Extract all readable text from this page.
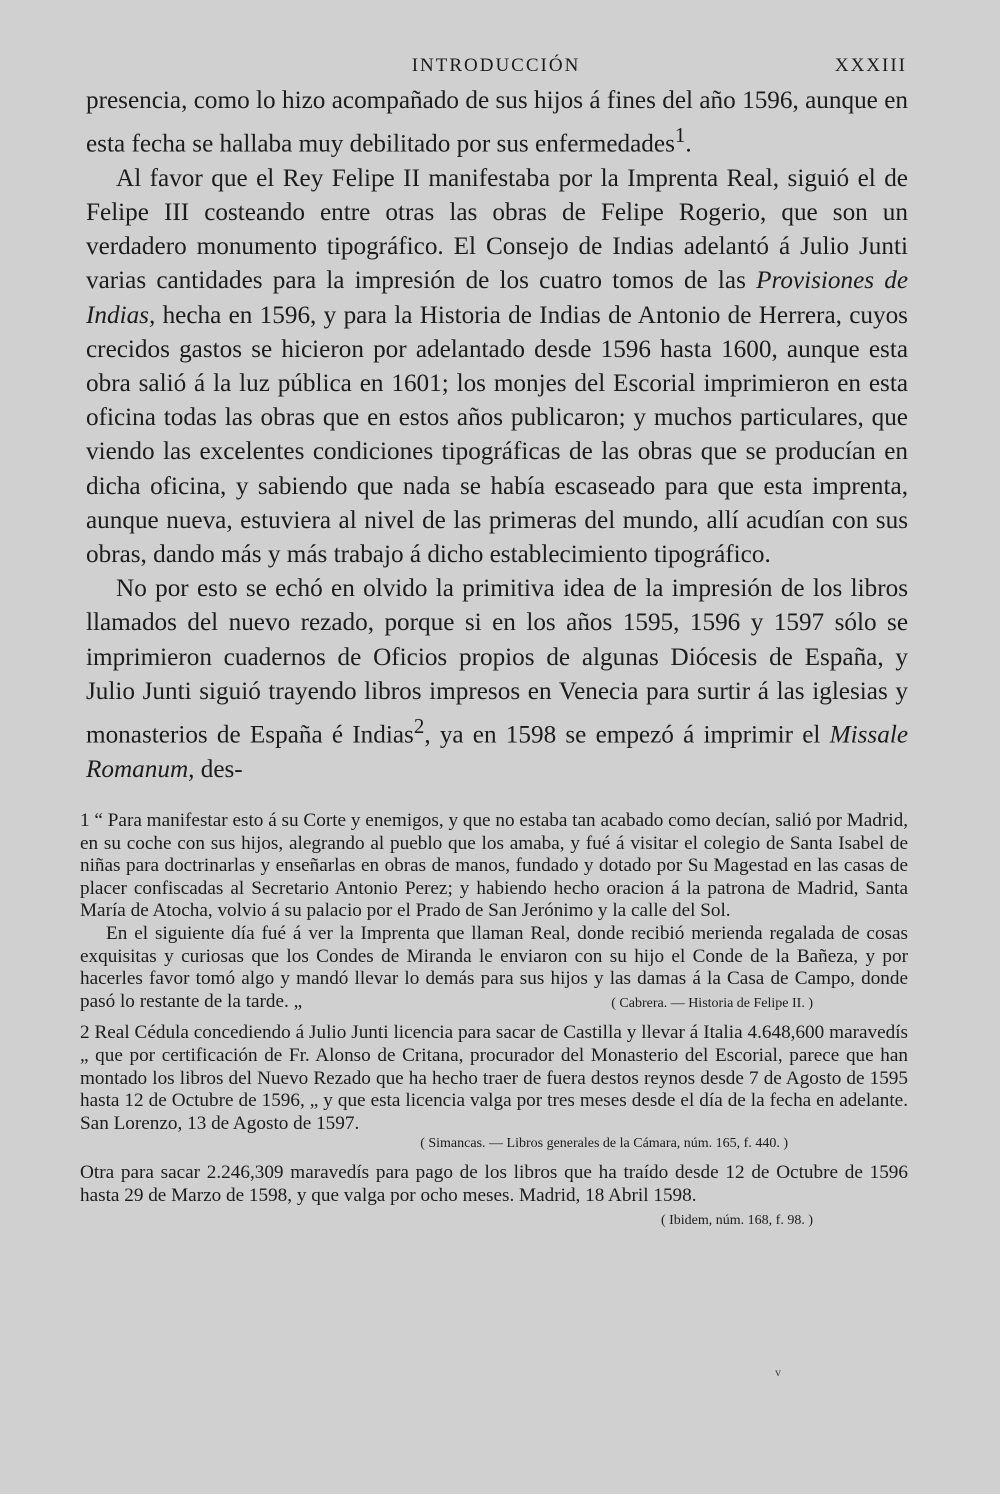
INTRODUCCIÓN	XXXIII

presencia, como lo hizo acompañado de sus hijos á fines del año 1596, aunque en esta fecha se hallaba muy debilitado por sus enfermedades$^1$.

Al favor que el Rey Felipe II manifestaba por la Imprenta Real, siguió el de Felipe III costeando entre otras las obras de Felipe Rogerio, que son un verdadero monumento tipográfico. El Consejo de Indias adelantó á Julio Junti varias cantidades para la impresión de los cuatro tomos de las Provisiones de Indias, hecha en 1596, y para la Historia de Indias de Antonio de Herrera, cuyos crecidos gastos se hicieron por adelantado desde 1596 hasta 1600, aunque esta obra salió á la luz pública en 1601; los monjes del Escorial imprimieron en esta oficina todas las obras que en estos años publicaron; y muchos particulares, que viendo las excelentes condiciones tipográficas de las obras que se producían en dicha oficina, y sabiendo que nada se había escaseado para que esta imprenta, aunque nueva, estuviera al nivel de las primeras del mundo, allí acudían con sus obras, dando más y más trabajo á dicho establecimiento tipográfico.

No por esto se echó en olvido la primitiva idea de la impresión de los libros llamados del nuevo rezado, porque si en los años 1595, 1596 y 1597 sólo se imprimieron cuadernos de Oficios propios de algunas Diócesis de España, y Julio Junti siguió trayendo libros impresos en Venecia para surtir á las iglesias y monasterios de España é Indias$^2$, ya en 1598 se empezó á imprimir el Missale Romanum, des-

1 “ Para manifestar esto á su Corte y enemigos, y que no estaba tan acabado como decían, salió por Madrid, en su coche con sus hijos, alegrando al pueblo que los amaba, y fué á visitar el colegio de Santa Isabel de niñas para doctrinarlas y enseñarlas en obras de manos, fundado y dotado por Su Magestad en las casas de placer confiscadas al Secretario Antonio Perez; y habiendo hecho oracion á la patrona de Madrid, Santa María de Atocha, volvio á su palacio por el Prado de San Jerónimo y la calle del Sol.

En el siguiente día fué á ver la Imprenta que llaman Real, donde recibió merienda regalada de cosas exquisitas y curiosas que los Condes de Miranda le enviaron con su hijo el Conde de la Bañeza, y por hacerles favor tomó algo y mandó llevar lo demás para sus hijos y las damas á la Casa de Campo, donde pasó lo restante de la tarde. „	( Cabrera. — Historia de Felipe II. )

2 Real Cédula concediendo á Julio Junti licencia para sacar de Castilla y llevar á Italia 4.648,600 maravedís „ que por certificación de Fr. Alonso de Critana, procurador del Monasterio del Escorial, parece que han montado los libros del Nuevo Rezado que ha hecho traer de fuera destos reynos desde 7 de Agosto de 1595 hasta 12 de Octubre de 1596, „ y que esta licencia valga por tres meses desde el día de la fecha en adelante. San Lorenzo, 13 de Agosto de 1597.

( Simancas. — Libros generales de la Cámara, núm. 165, f. 440. )

Otra para sacar 2.246,309 maravedís para pago de los libros que ha traído desde 12 de Octubre de 1596 hasta 29 de Marzo de 1598, y que valga por ocho meses. Madrid, 18 Abril 1598.
( Ibidem, núm. 168, f. 98. )

v
